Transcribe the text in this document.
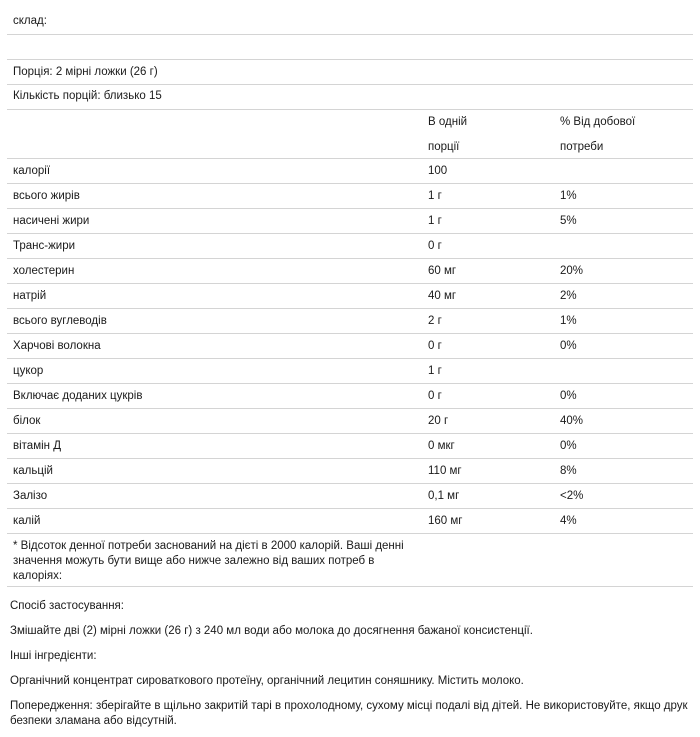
склад:
Порція: 2 мірні ложки (26 г)
Кількість порцій: близько 15
В одній
порції
% Від добової
потреби
калорії	100
всього жирів	1 г	1%
насичені жири	1 г	5%
Транс-жири	0 г
холестерин	60 мг	20%
натрій	40 мг	2%
всього вуглеводів	2 г	1%
Харчові волокна	0 г	0%
цукор	1 г
Включає доданих цукрів	0 г	0%
білок	20 г	40%
вітамін Д	0 мкг	0%
кальцій	110 мг	8%
Залізо	0,1 мг	<2%
калій	160 мг	4%
* Відсоток денної потреби заснований на дієті в 2000 калорій. Ваші денні значення можуть бути вище або нижче залежно від ваших потреб в калоріях:
Спосіб застосування:
Змішайте дві (2) мірні ложки (26 г) з 240 мл води або молока до досягнення бажаної консистенції.
Інші інгредієнти:
Органічний концентрат сироваткового протеїну, органічний лецитин соняшнику. Містить молоко.
Попередження: зберігайте в щільно закритій тарі в прохолодному, сухому місці подалі від дітей. Не використовуйте, якщо друк безпеки зламана або відсутній.
